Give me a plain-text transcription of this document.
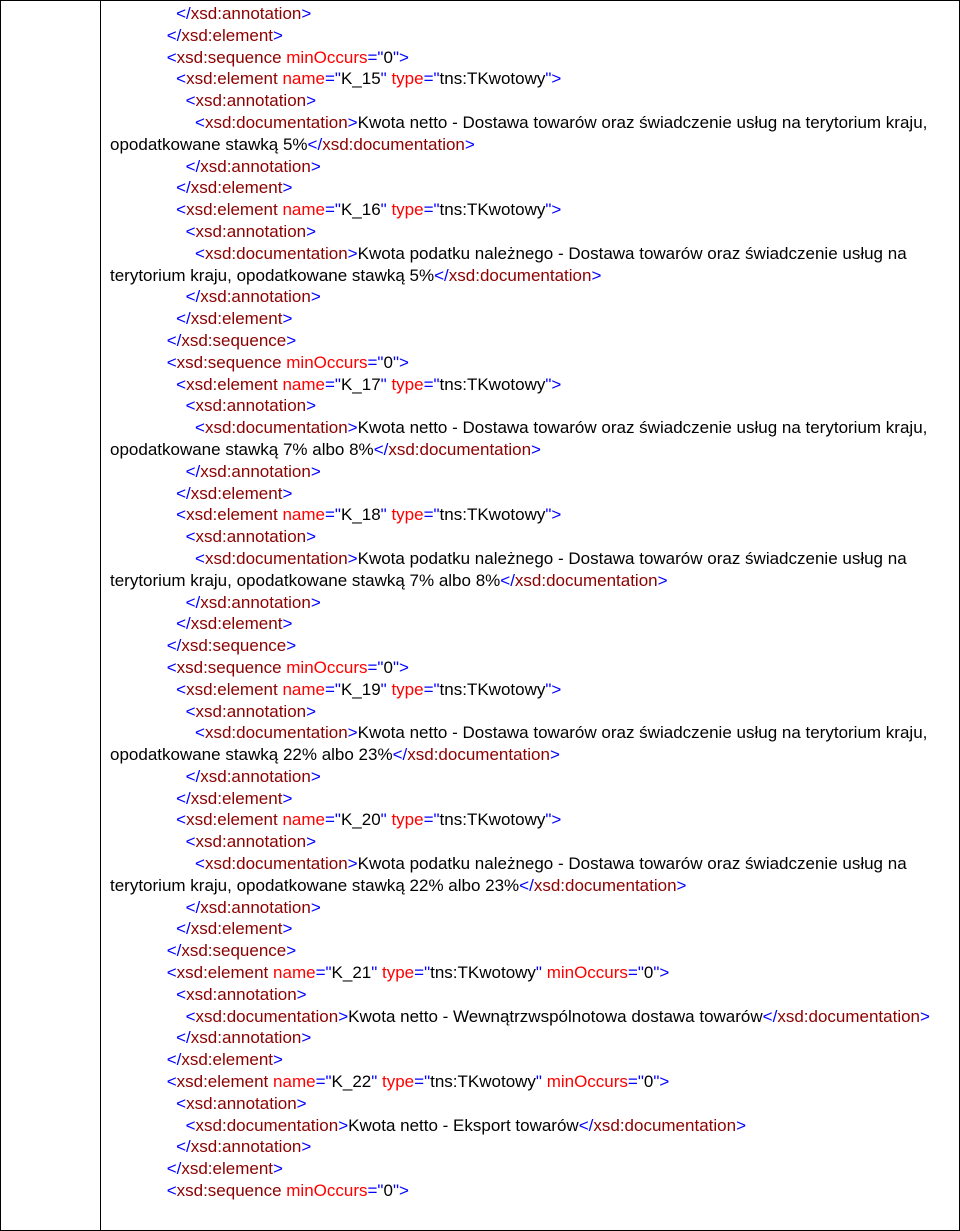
</xsd:annotation>
</xsd:element>
<xsd:sequence minOccurs="0">
<xsd:element name="K_15" type="tns:TKwotowy">
<xsd:annotation>
<xsd:documentation>Kwota netto - Dostawa towarów oraz świadczenie usług na terytorium kraju, opodatkowane stawką 5%</xsd:documentation>
</xsd:annotation>
</xsd:element>
<xsd:element name="K_16" type="tns:TKwotowy">
<xsd:annotation>
<xsd:documentation>Kwota podatku należnego - Dostawa towarów oraz świadczenie usług na terytorium kraju, opodatkowane stawką 5%</xsd:documentation>
</xsd:annotation>
</xsd:element>
</xsd:sequence>
<xsd:sequence minOccurs="0">
<xsd:element name="K_17" type="tns:TKwotowy">
<xsd:annotation>
<xsd:documentation>Kwota netto - Dostawa towarów oraz świadczenie usług na terytorium kraju, opodatkowane stawką 7% albo 8%</xsd:documentation>
</xsd:annotation>
</xsd:element>
<xsd:element name="K_18" type="tns:TKwotowy">
<xsd:annotation>
<xsd:documentation>Kwota podatku należnego - Dostawa towarów oraz świadczenie usług na terytorium kraju, opodatkowane stawką 7% albo 8%</xsd:documentation>
</xsd:annotation>
</xsd:element>
</xsd:sequence>
<xsd:sequence minOccurs="0">
<xsd:element name="K_19" type="tns:TKwotowy">
<xsd:annotation>
<xsd:documentation>Kwota netto - Dostawa towarów oraz świadczenie usług na terytorium kraju, opodatkowane stawką 22% albo 23%</xsd:documentation>
</xsd:annotation>
</xsd:element>
<xsd:element name="K_20" type="tns:TKwotowy">
<xsd:annotation>
<xsd:documentation>Kwota podatku należnego - Dostawa towarów oraz świadczenie usług na terytorium kraju, opodatkowane stawką 22% albo 23%</xsd:documentation>
</xsd:annotation>
</xsd:element>
</xsd:sequence>
<xsd:element name="K_21" type="tns:TKwotowy" minOccurs="0">
<xsd:annotation>
<xsd:documentation>Kwota netto - Wewnątrzwspólnotowa dostawa towarów</xsd:documentation>
</xsd:annotation>
</xsd:element>
<xsd:element name="K_22" type="tns:TKwotowy" minOccurs="0">
<xsd:annotation>
<xsd:documentation>Kwota netto - Eksport towarów</xsd:documentation>
</xsd:annotation>
</xsd:element>
<xsd:sequence minOccurs="0">
